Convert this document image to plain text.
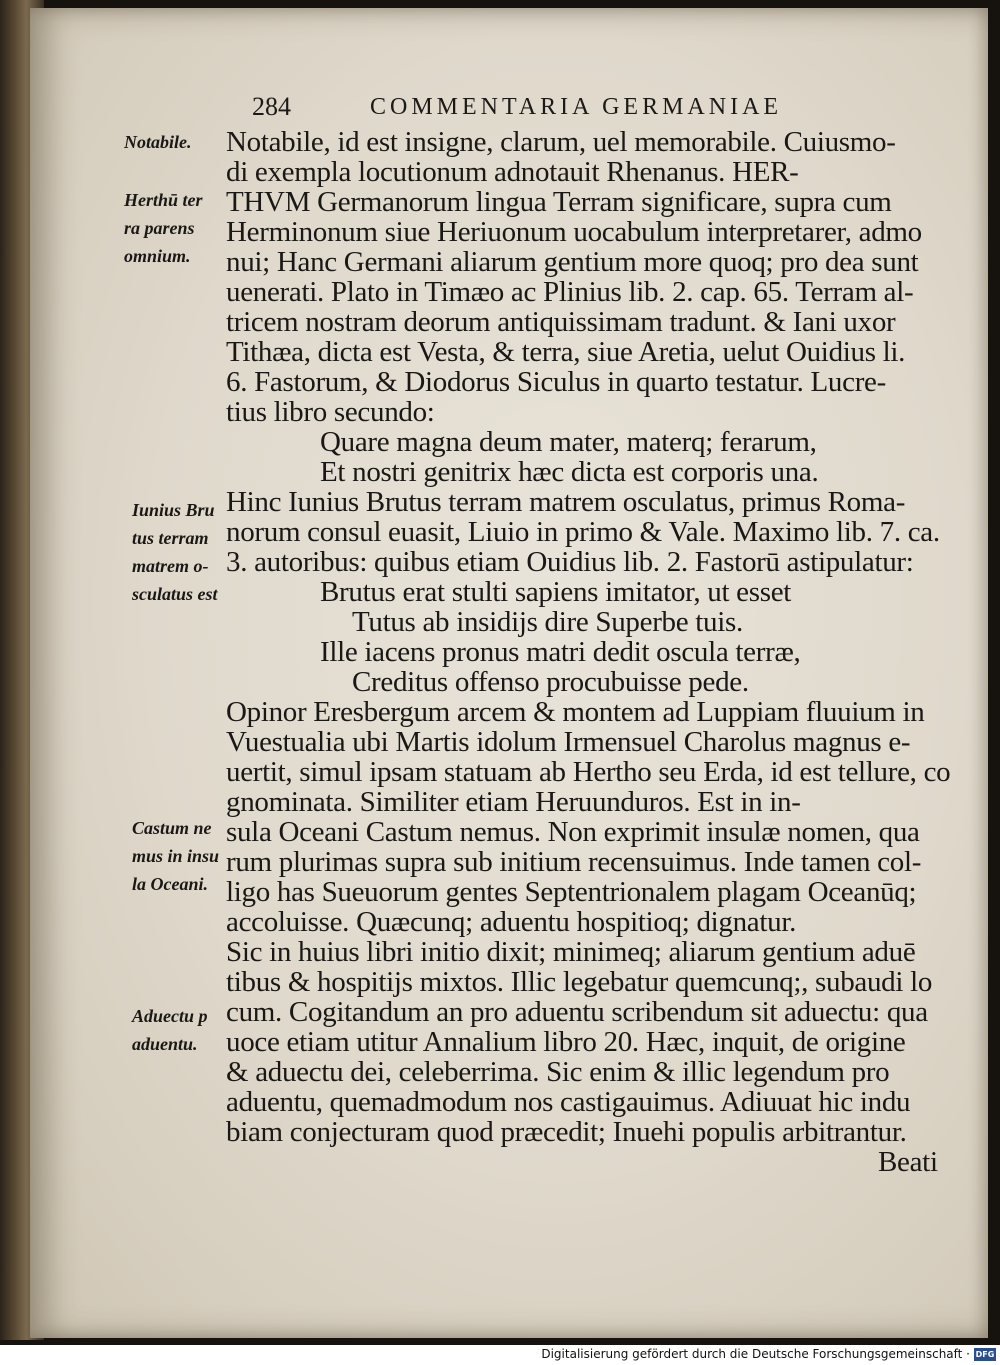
284	COMMENTARIA GERMANIAE
Notabile, id est insigne, clarum, uel memorabile. Cuiusmo-
di exempla locutionum adnotauit Rhenanus. HER-
THVM Germanorum lingua Terram significare, supra cum
Herminonum siue Heriuonum uocabulum interpretarer, admo
nui; Hanc Germani aliarum gentium more quoq; pro dea sunt
uenerati. Plato in Timæo ac Plinius lib. 2. cap. 65. Terram al-
tricem nostram deorum antiquissimam tradunt. & Iani uxor
Tithæa, dicta est Vesta, & terra, siue Aretia, uelut Ouidius li.
6. Fastorum, & Diodorus Siculus in quarto testatur. Lucre-
tius libro secundo:
Quare magna deum mater, materq; ferarum,
Et nostri genitrix hæc dicta est corporis una.
Hinc Iunius Brutus terram matrem osculatus, primus Roma-
norum consul euasit, Liuio in primo & Vale. Maximo lib. 7. ca.
3. autoribus: quibus etiam Ouidius lib. 2. Fastorū astipulatur:
Brutus erat stulti sapiens imitator, ut esset
Tutus ab insidijs dire Superbe tuis.
Ille iacens pronus matri dedit oscula terræ,
Creditus offenso procubuisse pede.
Opinor Eresbergum arcem & montem ad Luppiam fluuium in
Vuestualia ubi Martis idolum Irmensuel Charolus magnus e-
uertit, simul ipsam statuam ab Hertho seu Erda, id est tellure, co
gnominata. Similiter etiam Heruunduros. Est in in-
sula Oceani Castum nemus. Non exprimit insulæ nomen, qua
rum plurimas supra sub initium recensuimus. Inde tamen col-
ligo has Sueuorum gentes Septentrionalem plagam Oceanūq;
accoluisse. Quæcunq; aduentu hospitioq; dignatur.
Sic in huius libri initio dixit; minimeq; aliarum gentium aduē
tibus & hospitijs mixtos. Illic legebatur quemcunq;, subaudi lo
cum. Cogitandum an pro aduentu scribendum sit aduectu: qua
uoce etiam utitur Annalium libro 20. Hæc, inquit, de origine
& aduectu dei, celeberrima. Sic enim & illic legendum pro
aduentu, quemadmodum nos castigauimus. Adiuuat hic indu
biam conjecturam quod præcedit; Inuehi populis arbitrantur.
Beati
Notabile.
Herthū ter
ra parens
omnium.
Iunius Bru
tus terram
matrem o-
sculatus est
Castum ne
mus in insu
la Oceani.
Aduectu p
aduentu.
Digitalisierung gefördert durch die Deutsche Forschungsgemeinschaft · DFG
